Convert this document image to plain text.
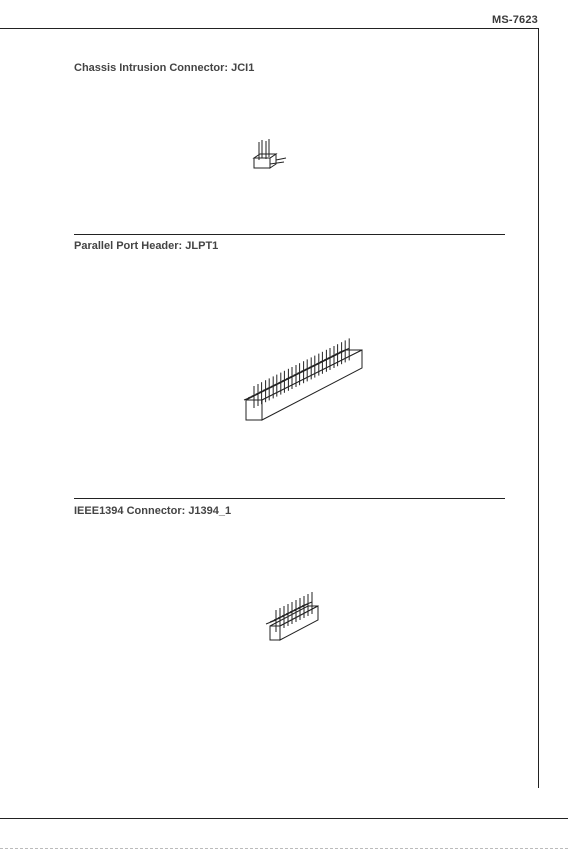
MS-7623
Chassis Intrusion Connector: JCI1
Parallel Port Header: JLPT1
IEEE1394 Connector: J1394_1
